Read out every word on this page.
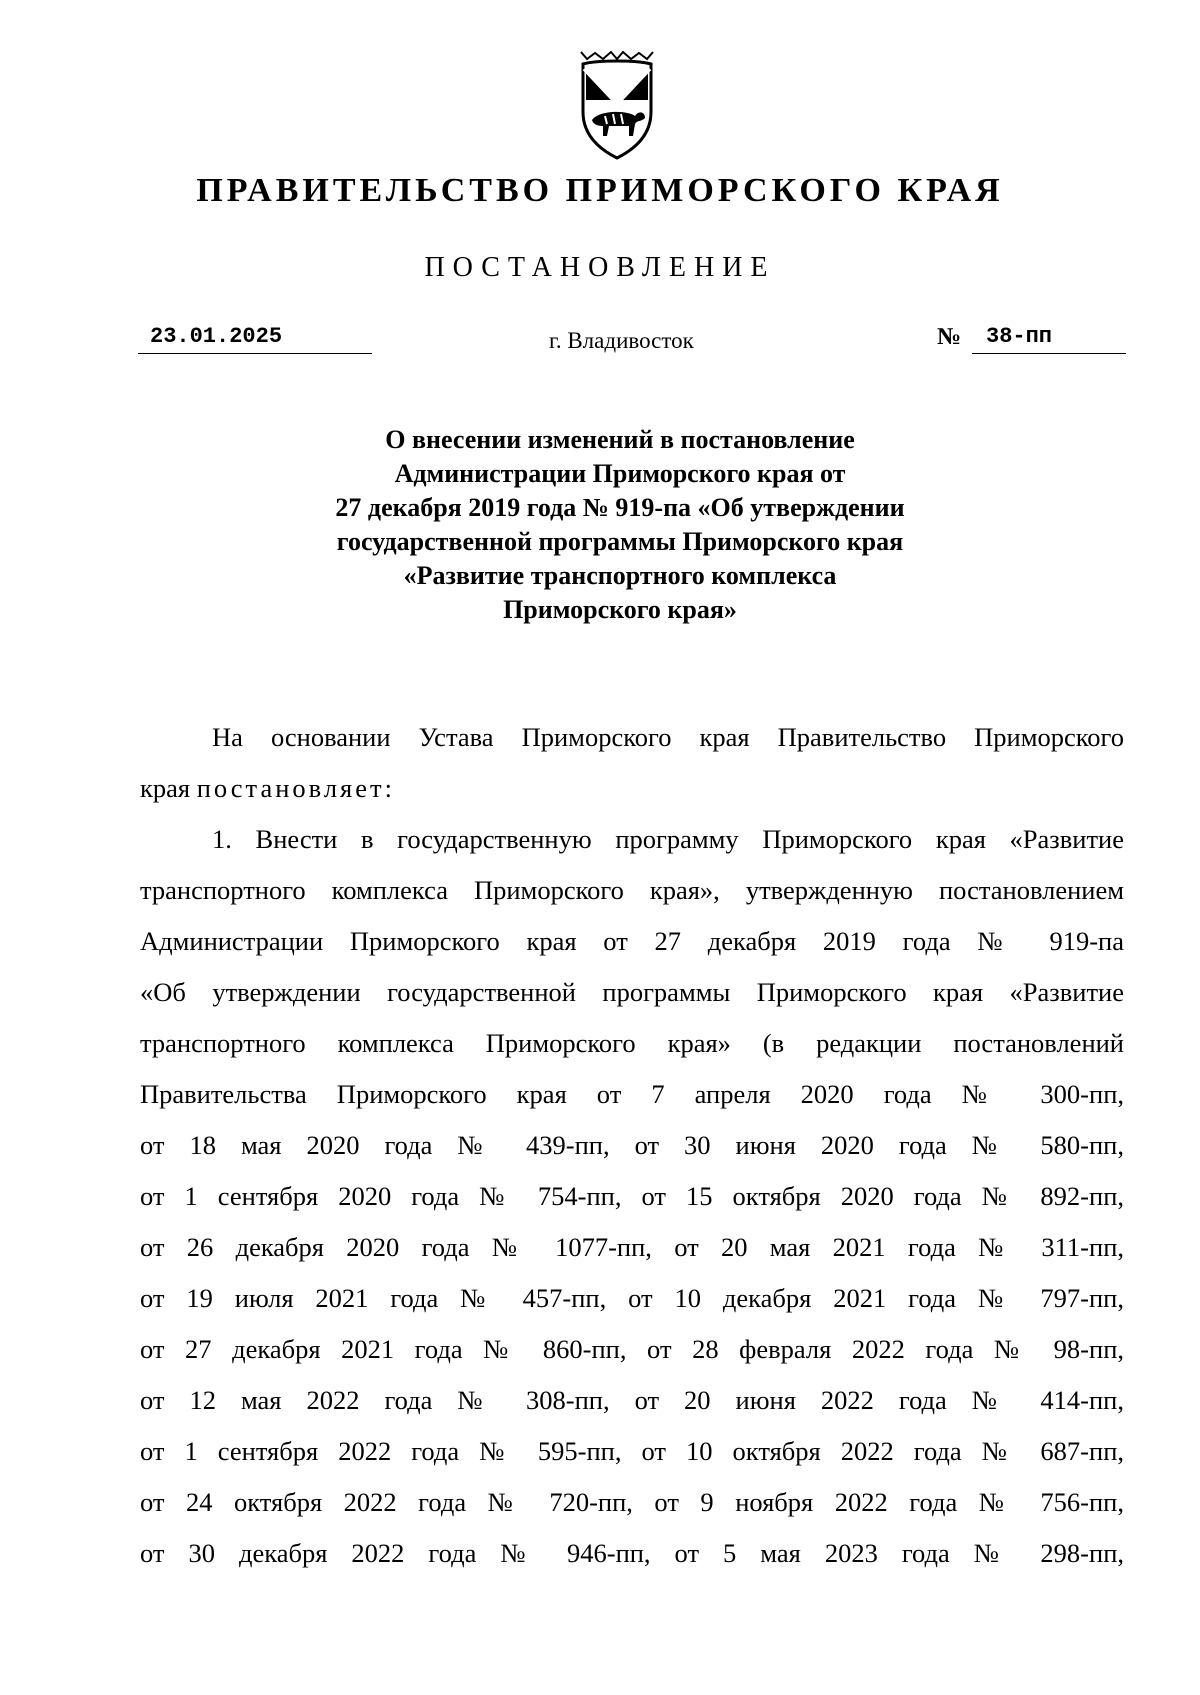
ПРАВИТЕЛЬСТВО ПРИМОРСКОГО КРАЯ
ПОСТАНОВЛЕНИЕ
23.01.2025	г. Владивосток	№	38-пп
О внесении изменений в постановление
Администрации Приморского края от
27 декабря 2019 года № 919-па «Об утверждении
государственной программы Приморского края
«Развитие транспортного комплекса
Приморского края»
На основании Устава Приморского края Правительство Приморского
края постановляет:
1. Внести в государственную программу Приморского края «Развитие
транспортного комплекса Приморского края», утвержденную постановлением
Администрации Приморского края от 27 декабря 2019 года № 919-па
«Об утверждении государственной программы Приморского края «Развитие
транспортного комплекса Приморского края» (в редакции постановлений
Правительства Приморского края от 7 апреля 2020 года № 300-пп,
от 18 мая 2020 года № 439-пп, от 30 июня 2020 года № 580-пп,
от 1 сентября 2020 года № 754-пп, от 15 октября 2020 года № 892-пп,
от 26 декабря 2020 года № 1077-пп, от 20 мая 2021 года № 311-пп,
от 19 июля 2021 года № 457-пп, от 10 декабря 2021 года № 797-пп,
от 27 декабря 2021 года № 860-пп, от 28 февраля 2022 года № 98-пп,
от 12 мая 2022 года № 308-пп, от 20 июня 2022 года № 414-пп,
от 1 сентября 2022 года № 595-пп, от 10 октября 2022 года № 687-пп,
от 24 октября 2022 года № 720-пп, от 9 ноября 2022 года № 756-пп,
от 30 декабря 2022 года № 946-пп, от 5 мая 2023 года № 298-пп,
